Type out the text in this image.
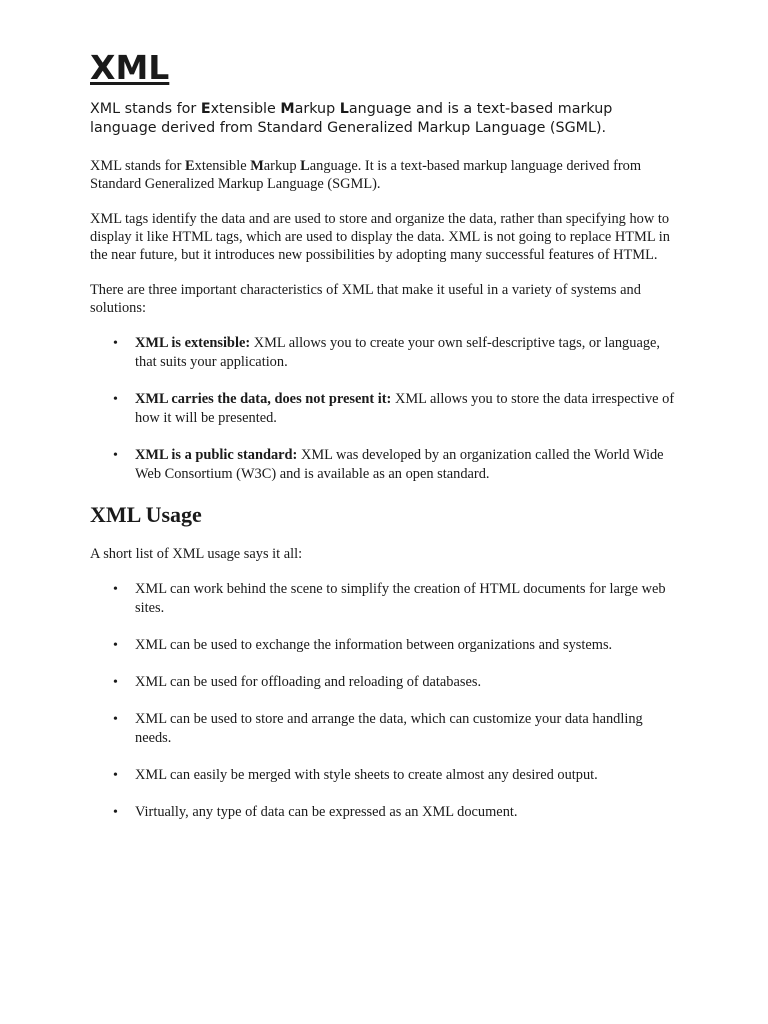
XML

XML stands for Extensible Markup Language and is a text-based markup language derived from Standard Generalized Markup Language (SGML).

XML stands for Extensible Markup Language. It is a text-based markup language derived from Standard Generalized Markup Language (SGML).

XML tags identify the data and are used to store and organize the data, rather than specifying how to display it like HTML tags, which are used to display the data. XML is not going to replace HTML in the near future, but it introduces new possibilities by adopting many successful features of HTML.

There are three important characteristics of XML that make it useful in a variety of systems and solutions:

• XML is extensible: XML allows you to create your own self-descriptive tags, or language, that suits your application.
• XML carries the data, does not present it: XML allows you to store the data irrespective of how it will be presented.
• XML is a public standard: XML was developed by an organization called the World Wide Web Consortium (W3C) and is available as an open standard.
XML Usage

A short list of XML usage says it all:

• XML can work behind the scene to simplify the creation of HTML documents for large web sites.
• XML can be used to exchange the information between organizations and systems.
• XML can be used for offloading and reloading of databases.
• XML can be used to store and arrange the data, which can customize your data handling needs.
• XML can easily be merged with style sheets to create almost any desired output.
• Virtually, any type of data can be expressed as an XML document.
